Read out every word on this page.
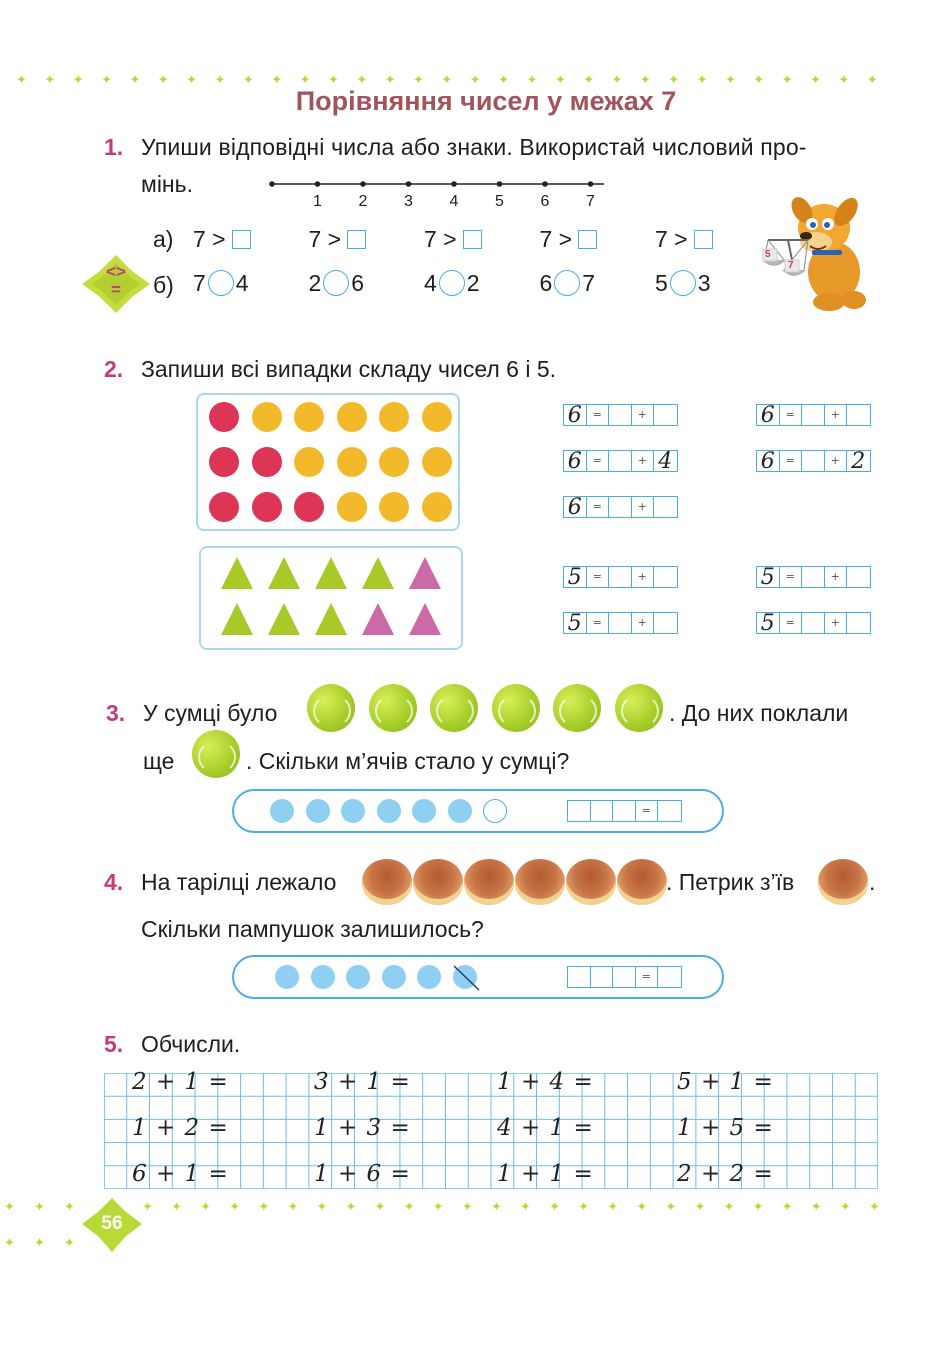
✦ ✦ ✦ ✦ ✦ ✦ ✦ ✦ ✦ ✦ ✦ ✦ ✦ ✦ ✦ ✦ ✦ ✦ ✦ ✦ ✦ ✦ ✦ ✦ ✦ ✦ ✦ ✦ ✦ ✦ ✦
Порівняння чисел у межах 7
1. Упиши відповідні числа або знаки. Використай числовий про-
мінь.
1 2 3 4 5 6 7
а) 7 >	7 >	7 >	7 >	7 >
б) 7 4	2 6	4 2	6 7	5 3
<>
=
5
7
2. Запиши всі випадки складу чисел 6 і 5.
6 =	+	6 =	+
6 =	+ 4	6 =	+ 2
6 =	+
5 =	+	5 =	+
5 =	+	5 =	+
3. У сумці було	. До них поклали
ще	. Скільки м’ячів стало у сумці?
=
4. На тарілці лежало	. Петрик з’їв	.
Скільки пампушок залишилось?
=
5. Обчисли.
2 + 1 =	3 + 1 =	1 + 4 =	5 + 1 =
1 + 2 =	1 + 3 =	4 + 1 =	1 + 5 =
6 + 1 =	1 + 6 =	1 + 1 =	2 + 2 =
✦ ✦ ✦ ✦ ✦ ✦ ✦ ✦ ✦ ✦ ✦ ✦ ✦ ✦ ✦ ✦ ✦ ✦ ✦ ✦ ✦ ✦ ✦ ✦ ✦ ✦
✦ ✦
✦ ✦ ✦
✦
56
